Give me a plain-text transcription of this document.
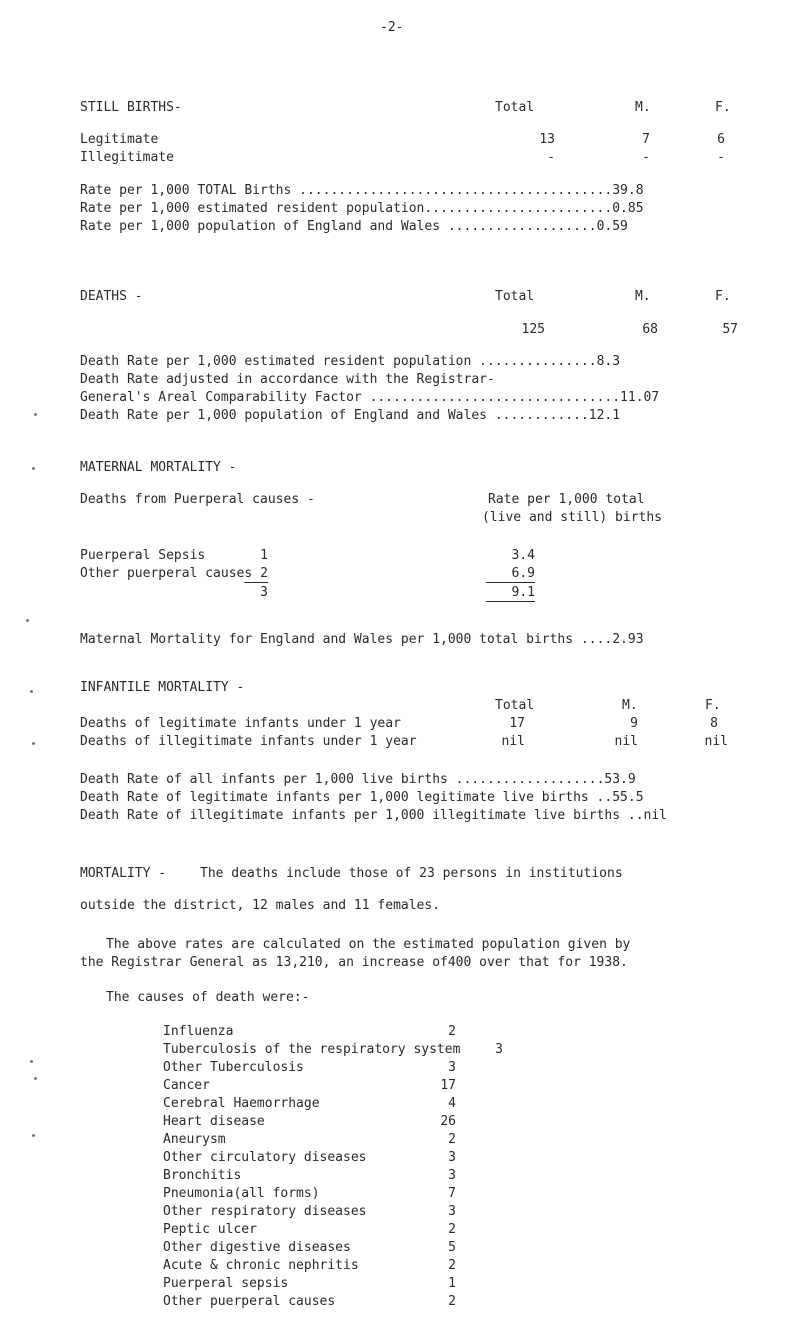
-2-
STILL BIRTHS-	Total	M.	F.
Legitimate	13	7	6
Illegitimate	-	-	-
Rate per 1,000 TOTAL Births ........................................39.8
Rate per 1,000 estimated resident population........................0.85
Rate per 1,000 population of England and Wales ...................0.59
DEATHS -	Total	M.	F.
125	68	57
Death Rate per 1,000 estimated resident population ...............8.3
Death Rate adjusted in accordance with the Registrar-
General's Areal Comparability Factor ................................11.07
Death Rate per 1,000 population of England and Wales ............12.1
MATERNAL MORTALITY -
Deaths from Puerperal causes -	Rate per 1,000 total
(live and still) births
Puerperal Sepsis	1	3.4
Other puerperal causes 2	6.9
3	9.1
Maternal Mortality for England and Wales per 1,000 total births ....2.93
INFANTILE MORTALITY -
Total	M.	F.
Deaths of legitimate infants under 1 year	17	9	8
Deaths of illegitimate infants under 1 year	nil	nil	nil
Death Rate of all infants per 1,000 live births ...................53.9
Death Rate of legitimate infants per 1,000 legitimate live births ..55.5
Death Rate of illegitimate infants per 1,000 illegitimate live births ..nil
MORTALITY -	The deaths include those of 23 persons in institutions
outside the district, 12 males and 11 females.
The above rates are calculated on the estimated population given by
the Registrar General as 13,210, an increase of400 over that for 1938.
The causes of death were:-
Influenza	2
Tuberculosis of the respiratory system	3
Other Tuberculosis	3
Cancer	17
Cerebral Haemorrhage	4
Heart disease	26
Aneurysm	2
Other circulatory diseases	3
Bronchitis	3
Pneumonia(all forms)	7
Other respiratory diseases	3
Peptic ulcer	2
Other digestive diseases	5
Acute & chronic nephritis	2
Puerperal sepsis	1
Other puerperal causes	2
